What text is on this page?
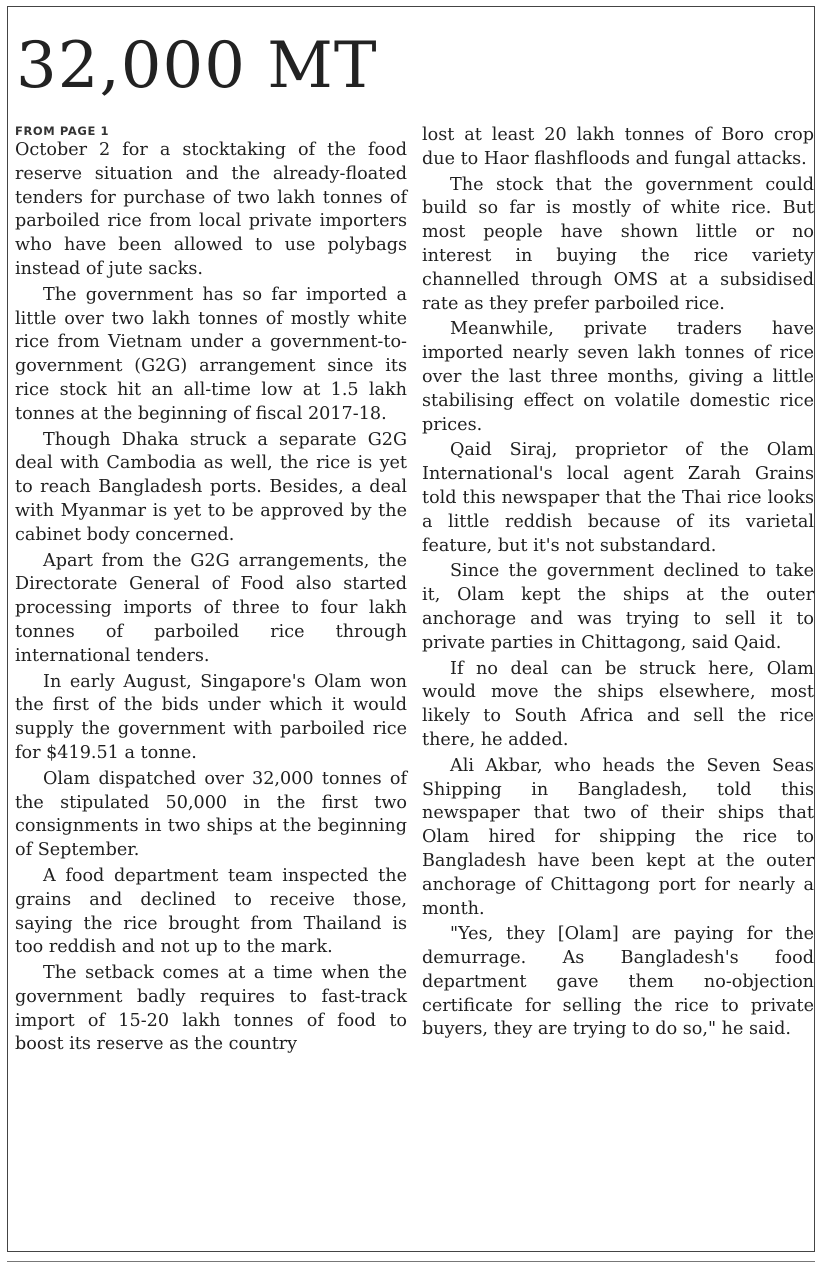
32,000 MT
FROM PAGE 1

October 2 for a stocktaking of the food reserve situation and the already-floated tenders for purchase of two lakh tonnes of parboiled rice from local private importers who have been allowed to use polybags instead of jute sacks.

The government has so far imported a little over two lakh tonnes of mostly white rice from Vietnam under a government-to-government (G2G) arrangement since its rice stock hit an all-time low at 1.5 lakh tonnes at the beginning of fiscal 2017-18.

Though Dhaka struck a separate G2G deal with Cambodia as well, the rice is yet to reach Bangladesh ports. Besides, a deal with Myanmar is yet to be approved by the cabinet body concerned.

Apart from the G2G arrangements, the Directorate General of Food also started processing imports of three to four lakh tonnes of parboiled rice through international tenders.

In early August, Singapore's Olam won the first of the bids under which it would supply the government with parboiled rice for $419.51 a tonne.

Olam dispatched over 32,000 tonnes of the stipulated 50,000 in the first two consignments in two ships at the beginning of September.

A food department team inspected the grains and declined to receive those, saying the rice brought from Thailand is too reddish and not up to the mark.

The setback comes at a time when the government badly requires to fast-track import of 15-20 lakh tonnes of food to boost its reserve as the country

lost at least 20 lakh tonnes of Boro crop due to Haor flashfloods and fungal attacks.

The stock that the government could build so far is mostly of white rice. But most people have shown little or no interest in buying the rice variety channelled through OMS at a subsidised rate as they prefer parboiled rice.

Meanwhile, private traders have imported nearly seven lakh tonnes of rice over the last three months, giving a little stabilising effect on volatile domestic rice prices.

Qaid Siraj, proprietor of the Olam International's local agent Zarah Grains told this newspaper that the Thai rice looks a little reddish because of its varietal feature, but it's not substandard.

Since the government declined to take it, Olam kept the ships at the outer anchorage and was trying to sell it to private parties in Chittagong, said Qaid.

If no deal can be struck here, Olam would move the ships elsewhere, most likely to South Africa and sell the rice there, he added.

Ali Akbar, who heads the Seven Seas Shipping in Bangladesh, told this newspaper that two of their ships that Olam hired for shipping the rice to Bangladesh have been kept at the outer anchorage of Chittagong port for nearly a month.

"Yes, they [Olam] are paying for the demurrage. As Bangladesh's food department gave them no-objection certificate for selling the rice to private buyers, they are trying to do so," he said.
